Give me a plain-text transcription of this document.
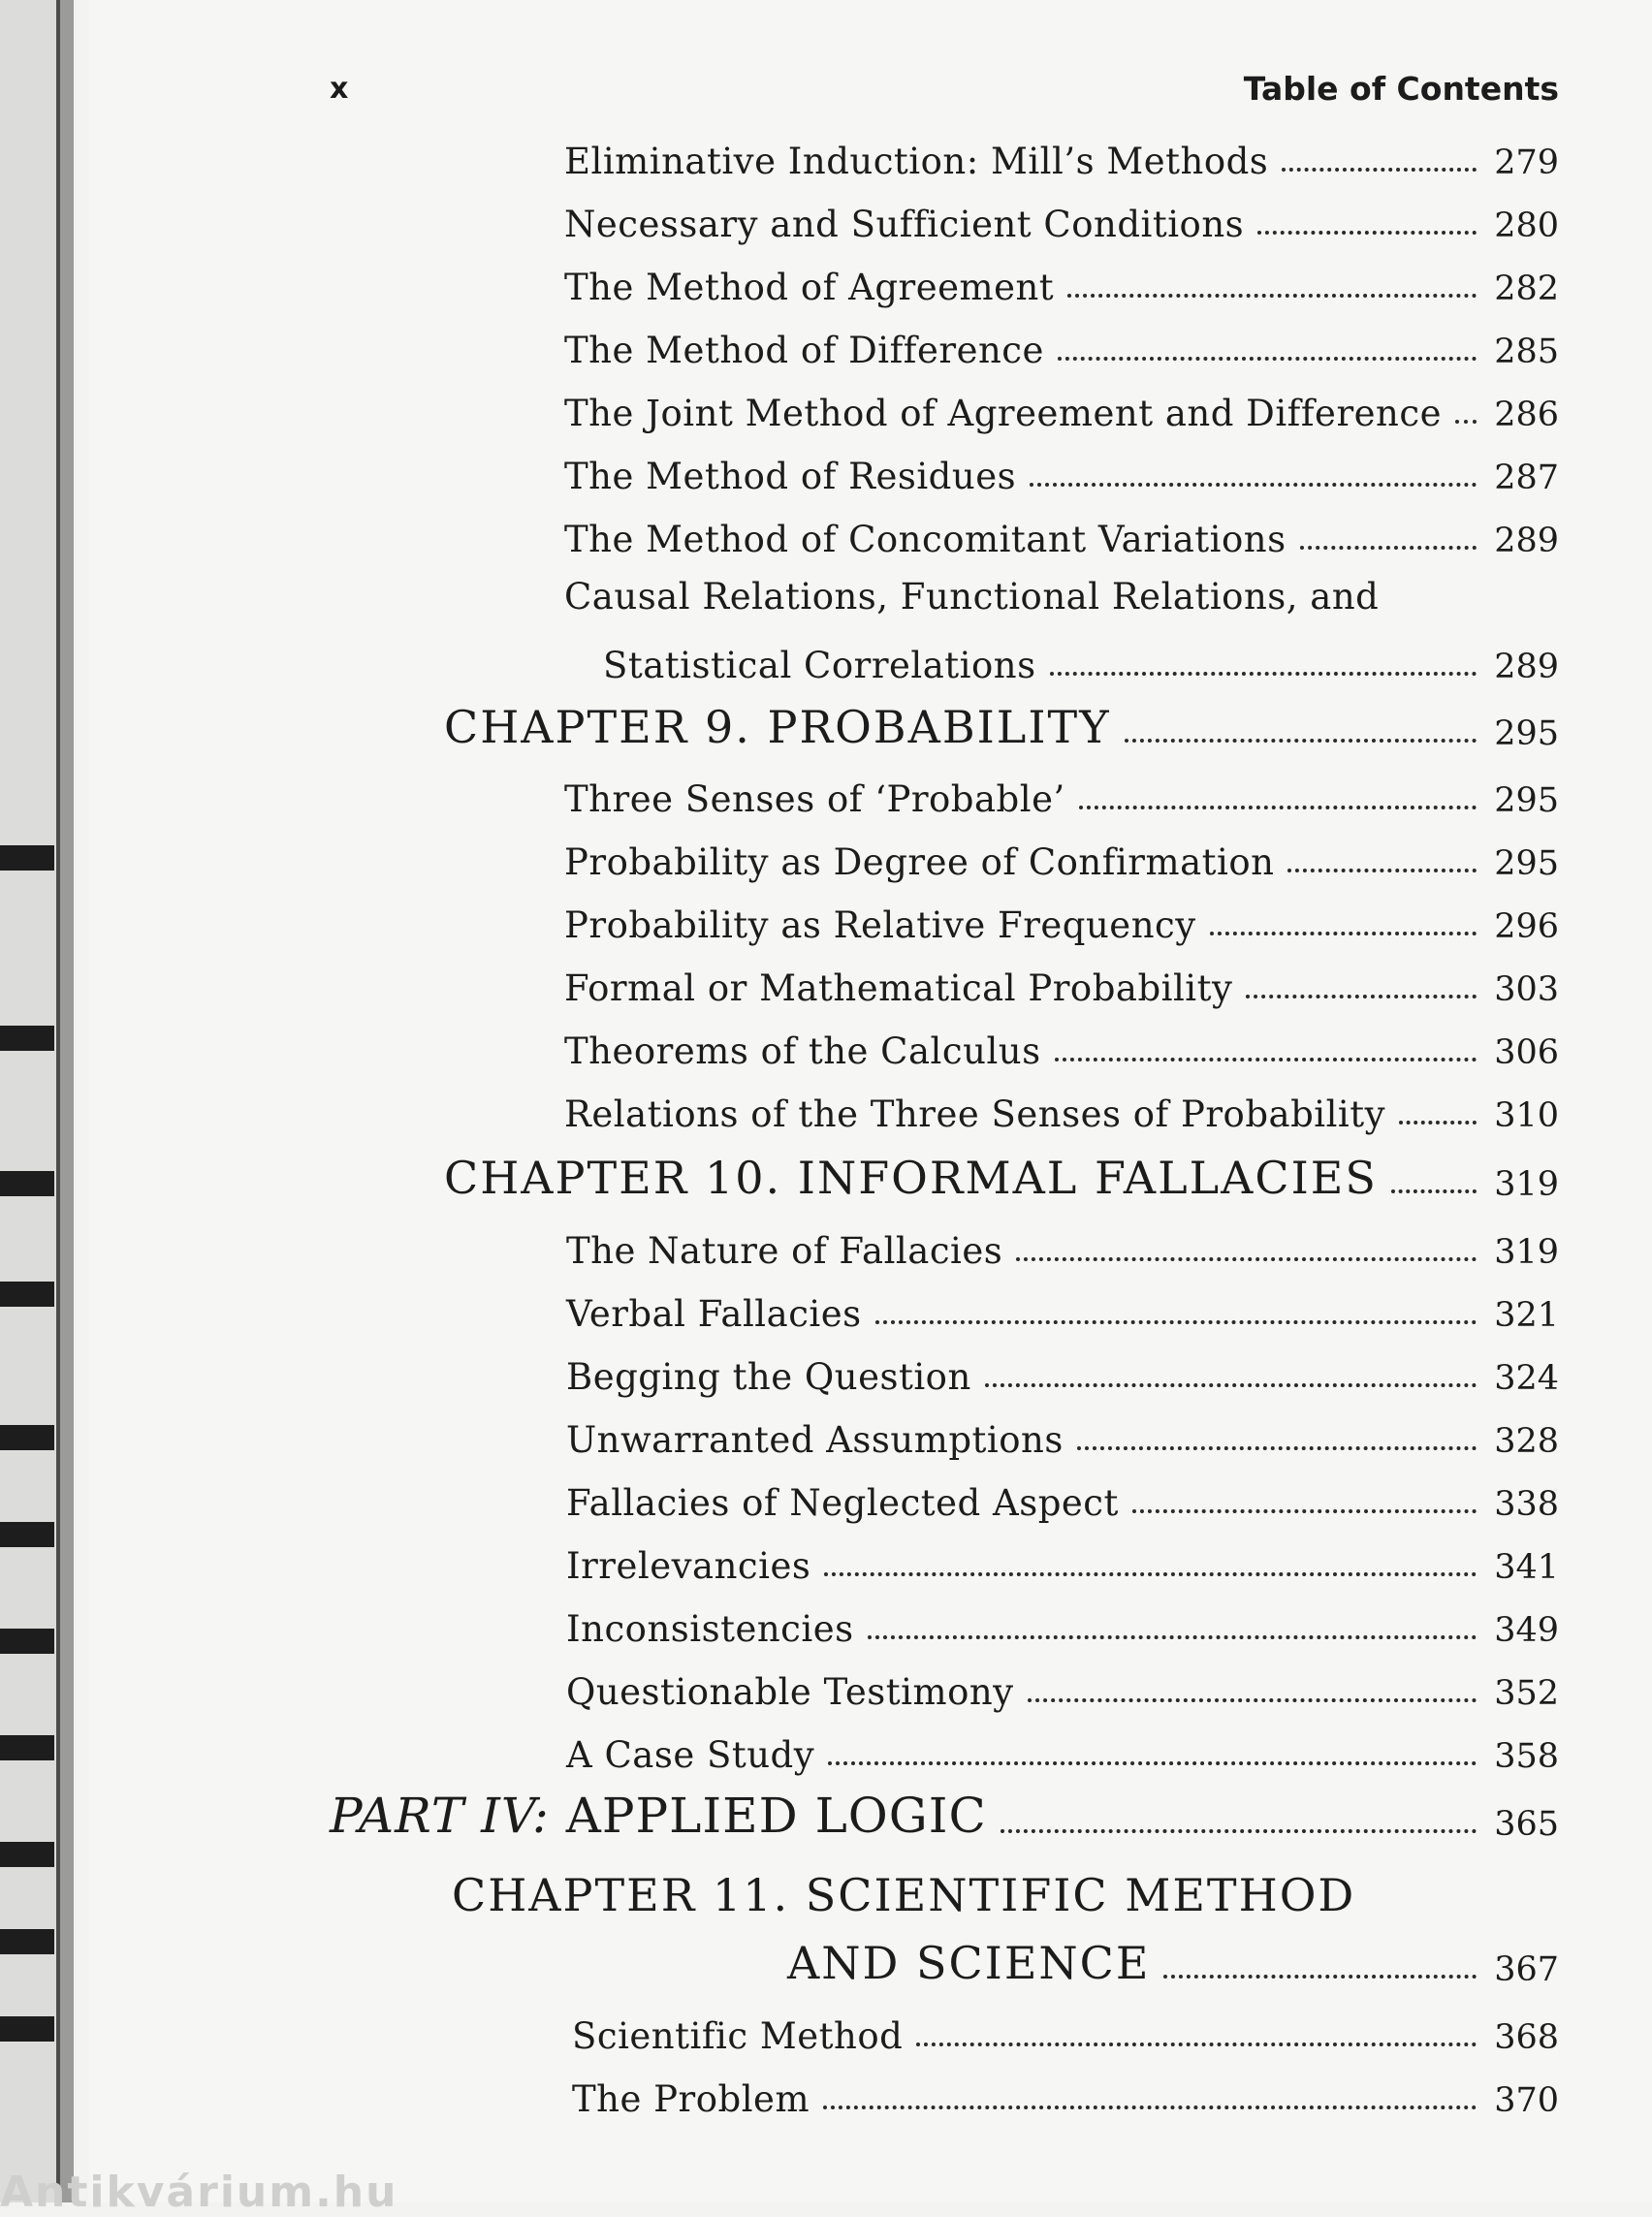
x	Table of Contents
Eliminative Induction: Mill’s Methods	279
Necessary and Sufficient Conditions	280
The Method of Agreement	282
The Method of Difference	285
The Joint Method of Agreement and Difference 286
The Method of Residues	287
The Method of Concomitant Variations	289
Causal Relations, Functional Relations, and
Statistical Correlations	289
CHAPTER 9. PROBABILITY	295
Three Senses of ‘Probable’	295
Probability as Degree of Confirmation	295
Probability as Relative Frequency	296
Formal or Mathematical Probability	303
Theorems of the Calculus	306
Relations of the Three Senses of Probability	310
CHAPTER 10. INFORMAL FALLACIES	319
The Nature of Fallacies	319
Verbal Fallacies	321
Begging the Question	324
Unwarranted Assumptions	328
Fallacies of Neglected Aspect	338
Irrelevancies	341
Inconsistencies	349
Questionable Testimony	352
A Case Study	358
PART IV: APPLIED LOGIC	365
CHAPTER 11. SCIENTIFIC METHOD
AND SCIENCE	367
Scientific Method	368
The Problem	370
Antikvárium.hu
